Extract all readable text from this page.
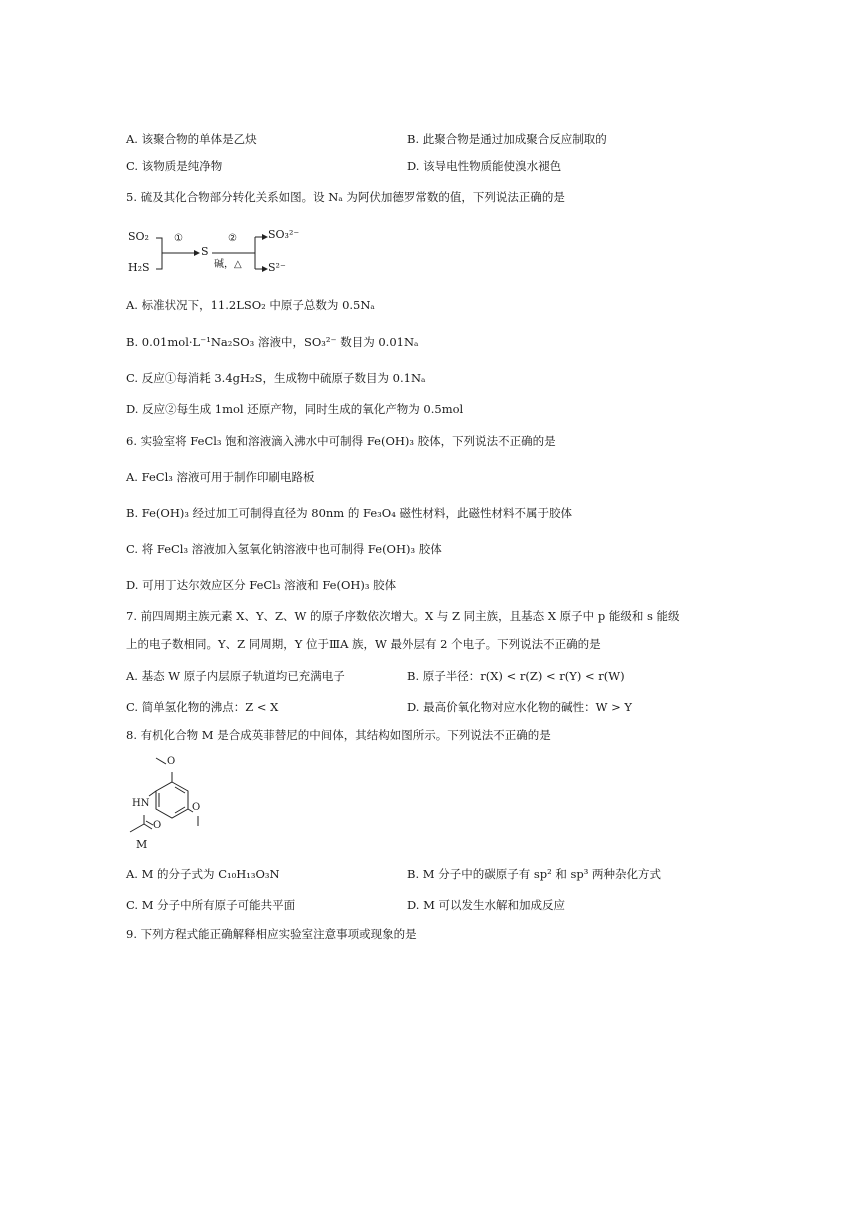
A. 该聚合物的单体是乙炔	B. 此聚合物是通过加成聚合反应制取的
C. 该物质是纯净物	D. 该导电性物质能使溴水褪色
5. 硫及其化合物部分转化关系如图。设 Nₐ 为阿伏加德罗常数的值，下列说法正确的是
SO₂
H₂S
①
S
②
碱，△
SO₃²⁻
S²⁻
A. 标准状况下，11.2LSO₂ 中原子总数为 0.5Nₐ
B. 0.01mol·L⁻¹Na₂SO₃ 溶液中，SO₃²⁻ 数目为 0.01Nₐ
C. 反应①每消耗 3.4gH₂S，生成物中硫原子数目为 0.1Nₐ
D. 反应②每生成 1mol 还原产物，同时生成的氧化产物为 0.5mol
6. 实验室将 FeCl₃ 饱和溶液滴入沸水中可制得 Fe(OH)₃ 胶体，下列说法不正确的是
A. FeCl₃ 溶液可用于制作印刷电路板
B. Fe(OH)₃ 经过加工可制得直径为 80nm 的 Fe₃O₄ 磁性材料，此磁性材料不属于胶体
C. 将 FeCl₃ 溶液加入氢氧化钠溶液中也可制得 Fe(OH)₃ 胶体
D. 可用丁达尔效应区分 FeCl₃ 溶液和 Fe(OH)₃ 胶体
7. 前四周期主族元素 X、Y、Z、W 的原子序数依次增大。X 与 Z 同主族，且基态 X 原子中 p 能级和 s 能级
上的电子数相同。Y、Z 同周期，Y 位于ⅢA 族，W 最外层有 2 个电子。下列说法不正确的是
A. 基态 W 原子内层原子轨道均已充满电子	B. 原子半径：r(X) < r(Z) < r(Y) < r(W)
C. 简单氢化物的沸点：Z < X	D. 最高价氧化物对应水化物的碱性：W > Y
8. 有机化合物 M 是合成英菲替尼的中间体，其结构如图所示。下列说法不正确的是
O
O
HN
O
M
A. M 的分子式为 C₁₀H₁₃O₃N	B. M 分子中的碳原子有 sp² 和 sp³ 两种杂化方式
C. M 分子中所有原子可能共平面	D. M 可以发生水解和加成反应
9. 下列方程式能正确解释相应实验室注意事项或现象的是
